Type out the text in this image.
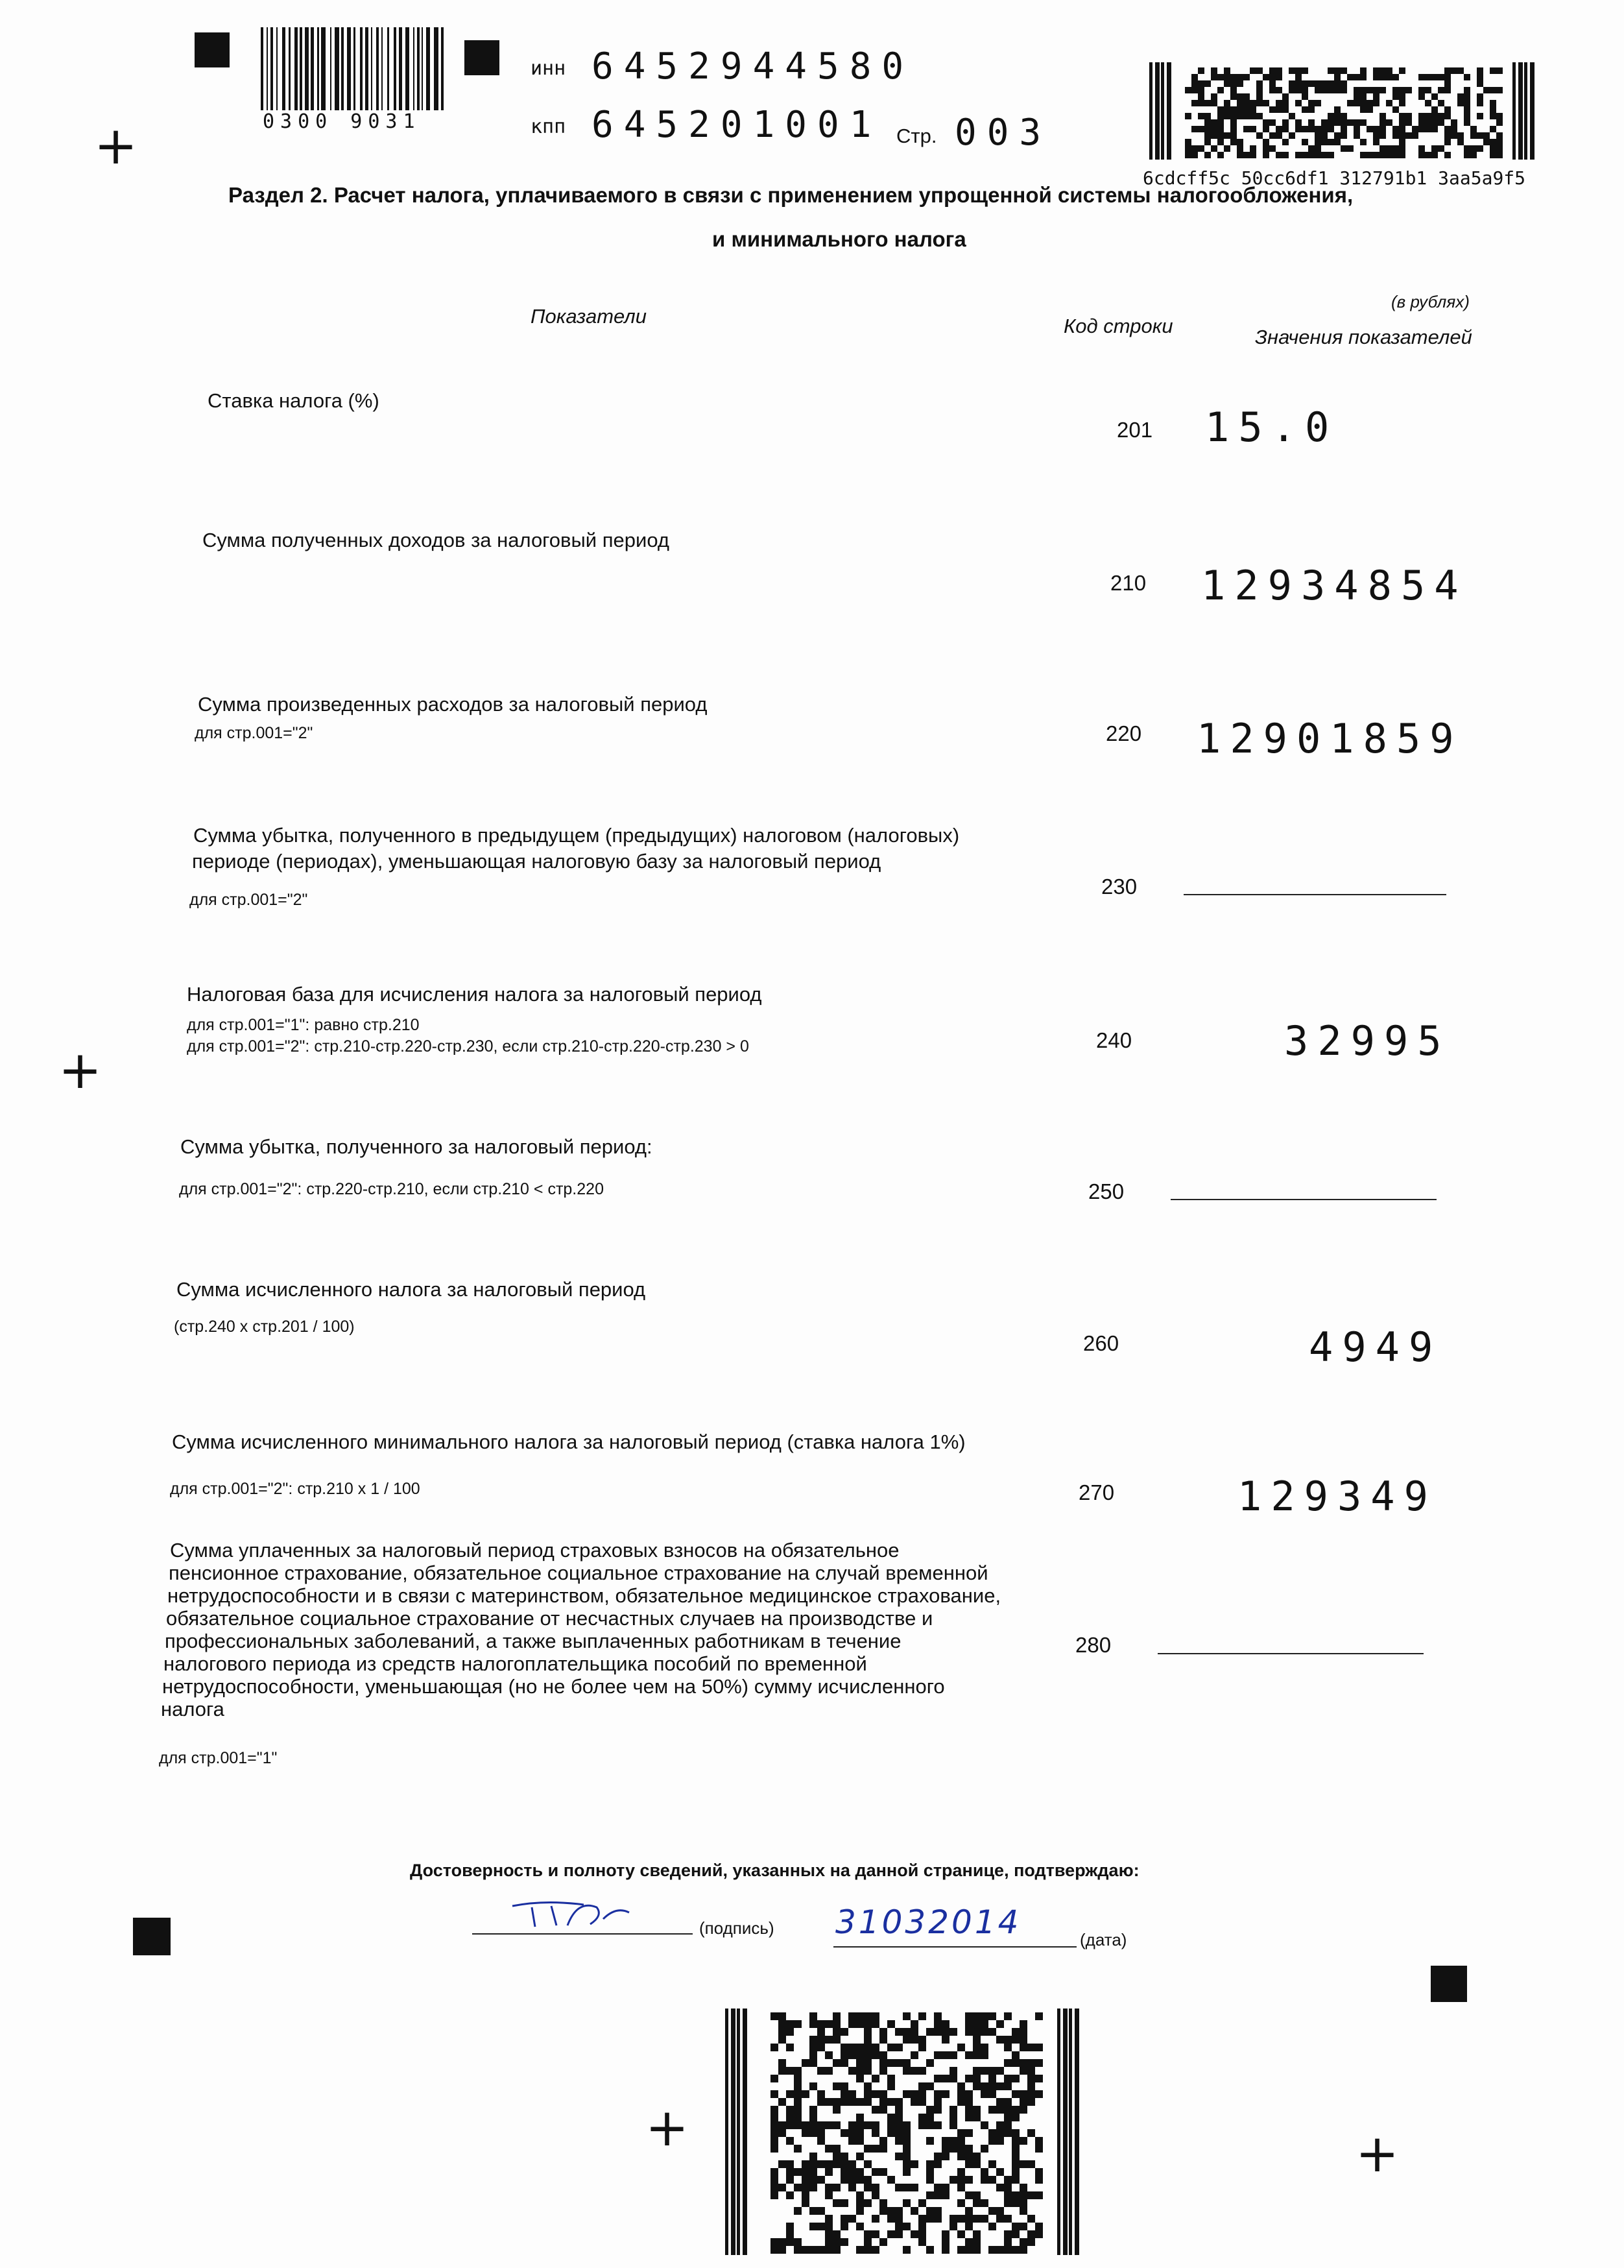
+
+
+	+
0300 9031
инн 6452944580
кпп 645201001 Стр. 003
6cdcff5c 50cc6df1 312791b1 3aa5a9f5
Раздел 2. Расчет налога, уплачиваемого в связи с применением упрощенной системы налогообложения,
и минимального налога
(в рублях)
Показатели	Код строки	Значения показателей
Ставка налога (%)
201 15.0
Сумма полученных доходов за налоговый период
210 12934854
Сумма произведенных расходов за налоговый период
для стр.001="2"	220 12901859
Сумма убытка, полученного в предыдущем (предыдущих) налоговом (налоговых)
периоде (периодах), уменьшающая налоговую базу за налоговый период
для стр.001="2"
230
Налоговая база для исчисления налога за налоговый период
для стр.001="1": равно стр.210
для стр.001="2": стр.210-стр.220-стр.230, если стр.210-стр.220-стр.230 > 0	240	32995
Сумма убытка, полученного за налоговый период:
для стр.001="2": стр.220-стр.210, если стр.210 < стр.220	250
Сумма исчисленного налога за налоговый период
(стр.240 x стр.201 / 100)
260	4949
Сумма исчисленного минимального налога за налоговый период (ставка налога 1%)
для стр.001="2": стр.210 x 1 / 100	270	129349
Сумма уплаченных за налоговый период страховых взносов на обязательное
пенсионное страхование, обязательное социальное страхование на случай временной
нетрудоспособности и в связи с материнством, обязательное медицинское страхование,
обязательное социальное страхование от несчастных случаев на производстве и
профессиональных заболеваний, а также выплаченных работникам в течение
налогового периода из средств налогоплательщика пособий по временной
нетрудоспособности, уменьшающая (но не более чем на 50%) сумму исчисленного
налога
для стр.001="1"
280
Достоверность и полноту сведений, указанных на данной странице, подтверждаю:
(подпись) 31032014	(дата)
